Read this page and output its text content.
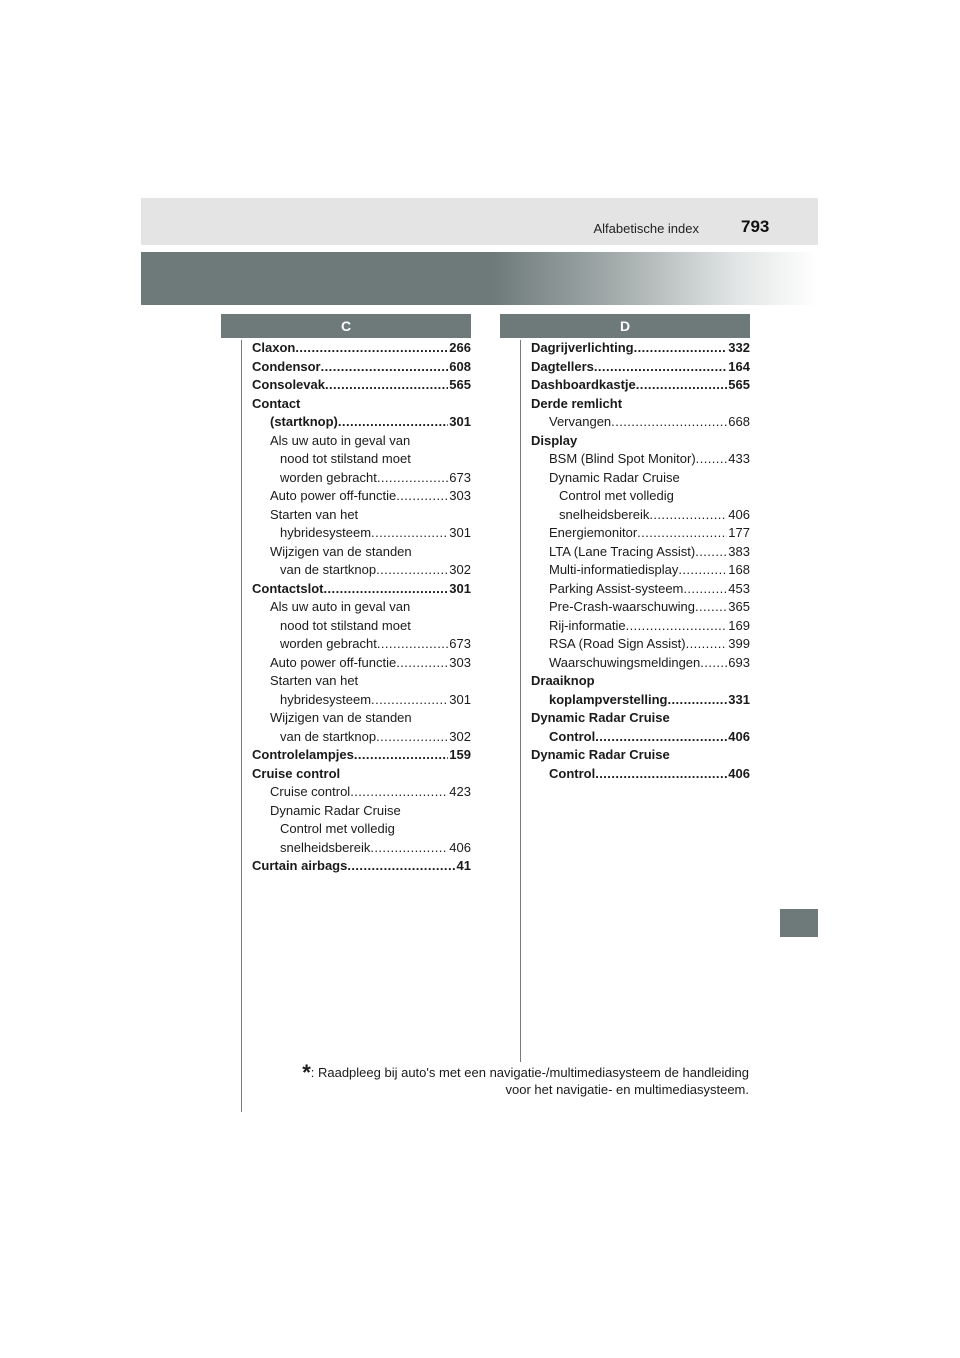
Alfabetische index 793
C	D
Claxon . . .	266
Condensor . . .	608
Consolevak . . .	565
Contact
(startknop) . . .	301
Als uw auto in geval van
nood tot stilstand moet
worden gebracht . . .	673
Auto power off-functie . . .	303
Starten van het
hybridesysteem . . .	301
Wijzigen van de standen
van de startknop . . .	302
Contactslot . . .	301
Als uw auto in geval van
nood tot stilstand moet
worden gebracht . . .	673
Auto power off-functie . . .	303
Starten van het
hybridesysteem . . .	301
Wijzigen van de standen
van de startknop . . .	302
Controlelampjes . . .	159
Cruise control
Cruise control . . .	423
Dynamic Radar Cruise
Control met volledig
snelheidsbereik . . .	406
Curtain airbags . . .	41
Dagrijverlichting . . .	332
Dagtellers . . .	164
Dashboardkastje . . .	565
Derde remlicht
Vervangen . . .	668
Display
BSM (Blind Spot Monitor) . . .	433
Dynamic Radar Cruise
Control met volledig
snelheidsbereik . . .	406
Energiemonitor . . .	177
LTA (Lane Tracing Assist) . . .	383
Multi-informatiedisplay . . .	168
Parking Assist-systeem . . .	453
Pre-Crash-waarschuwing . . .	365
Rij-informatie . . .	169
RSA (Road Sign Assist) . . .	399
Waarschuwingsmeldingen . . . 693
Draaiknop
koplampverstelling . . .	331
Dynamic Radar Cruise
Control . . .	406
Dynamic Radar Cruise
Control . . .	406
*: Raadpleeg bij auto's met een navigatie-/multimediasysteem de handleiding
voor het navigatie- en multimediasysteem.
